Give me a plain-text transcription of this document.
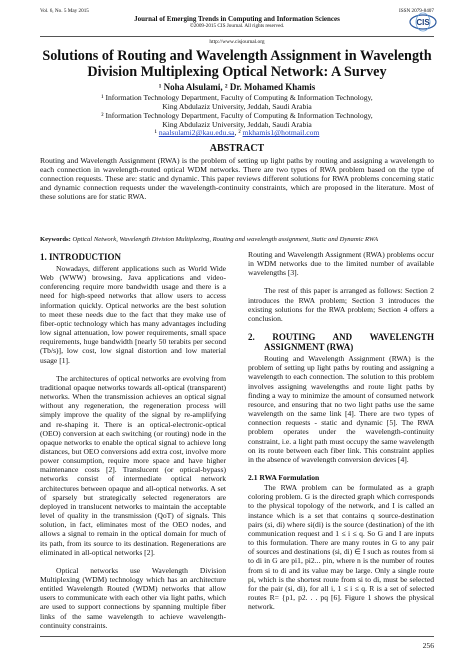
Vol. 6, No. 5 May 2015	ISSN 2079-8407
Journal of Emerging Trends in Computing and Information Sciences
©2009-2015 CIS Journal. All rights reserved.	CIS
http://www.cisjournal.org
Solutions of Routing and Wavelength Assignment in Wavelength Division Multiplexing Optical Network: A Survey
¹ Noha Alsulami, ² Dr. Mohamed Khamis
¹ Information Technology Department, Faculty of Computing & Information Technology,
King Abdulaziz University, Jeddah, Saudi Arabia
² Information Technology Department, Faculty of Computing & Information Technology,
King Abdulaziz University, Jeddah, Saudi Arabia
¹ naalsulami2@kau.edu.sa, ² mkhamis1@hotmail.com
ABSTRACT
Routing and Wavelength Assignment (RWA) is the problem of setting up light paths by routing and assigning a wavelength to each connection in wavelength-routed optical WDM networks. There are two types of RWA problem based on the type of connection requests. These are: static and dynamic. This paper reviews different solutions for RWA problems concerning static and dynamic connection requests under the wavelength-continuity constraints, which are proposed in the literature. Most of these solutions are for static RWA.
Keywords: Optical Network, Wavelength Division Multiplexing, Routing and wavelength assignment, Static and Dynamic RWA
1. INTRODUCTION

Nowadays, different applications such as World Wide Web (WWW) browsing, Java applications and video-conferencing require more bandwidth usage and there is a need for high-speed networks that allow users to access information quickly. Optical networks are the best solution to meet these needs due to the fact that they make use of fiber-optic technology which has many advantages including low signal attenuation, low power requirements, small space requirements, huge bandwidth [nearly 50 terabits per second (Tb/s)], low cost, low signal distortion and low material usage [1].

The architectures of optical networks are evolving from traditional opaque networks towards all-optical (transparent) networks. When the transmission achieves an optical signal without any regeneration, the regeneration process will simply improve the quality of the signal by re-amplifying and re-shaping it. There is an optical-electronic-optical (OEO) conversion at each switching (or routing) node in the opaque networks to enable the optical signal to achieve long distances, but OEO conversions add extra cost, involve more power consumption, require more space and have higher maintenance costs [2]. Translucent (or optical-bypass) networks consist of intermediate optical network architectures between opaque and all-optical networks. A set of sparsely but strategically selected regenerators are deployed in translucent networks to maintain the acceptable level of quality in the transmission (QoT) of signals. This solution, in fact, eliminates most of the OEO nodes, and allows a signal to remain in the optical domain for much of its path, from its source to its destination. Regenerations are eliminated in all-optical networks [2].

Optical networks use Wavelength Division Multiplexing (WDM) technology which has an architecture entitled Wavelength Routed (WDM) networks that allow users to communicate with each other via light paths, which are used to support connections by spanning multiple fiber links of the same wavelength to achieve wavelength-continuity constraints.

Routing and Wavelength Assignment (RWA) problems occur in WDM networks due to the limited number of available wavelengths [3].

The rest of this paper is arranged as follows: Section 2 introduces the RWA problem; Section 3 introduces the existing solutions for the RWA problem; Section 4 offers a conclusion.

2. ROUTING AND WAVELENGTH ASSIGNMENT (RWA)

Routing and Wavelength Assignment (RWA) is the problem of setting up light paths by routing and assigning a wavelength to each connection. The solution to this problem involves assigning wavelengths and route light paths by finding a way to minimize the amount of consumed network resource, and ensuring that no two light paths use the same wavelength on the same link [4]. There are two types of connection requests - static and dynamic [5]. The RWA problem operates under the wavelength-continuity constraint, i.e. a light path must occupy the same wavelength on its route between each fiber link. This constraint applies in the absence of wavelength conversion devices [4].

2.1 RWA Formulation

The RWA problem can be formulated as a graph coloring problem. G is the directed graph which corresponds to the physical topology of the network, and I is called an instance which is a set that contains q source-destination pairs (si, di) where si(di) is the source (destination) of the ith communication request and 1 ≤ i ≤ q. So G and I are inputs to this formulation. There are many routes in G to any pair of sources and destinations (si, di) ∈ I such as routes from si to di in G are pi1, pi2... pin, where n is the number of routes from si to di and its value may be large. Only a single route pi, which is the shortest route from si to di, must be selected for the pair (si, di), for all i, 1 ≤ i ≤ q. R is a set of selected routes R= {p1, p2. . . pq [6]. Figure 1 shows the physical network.

256
